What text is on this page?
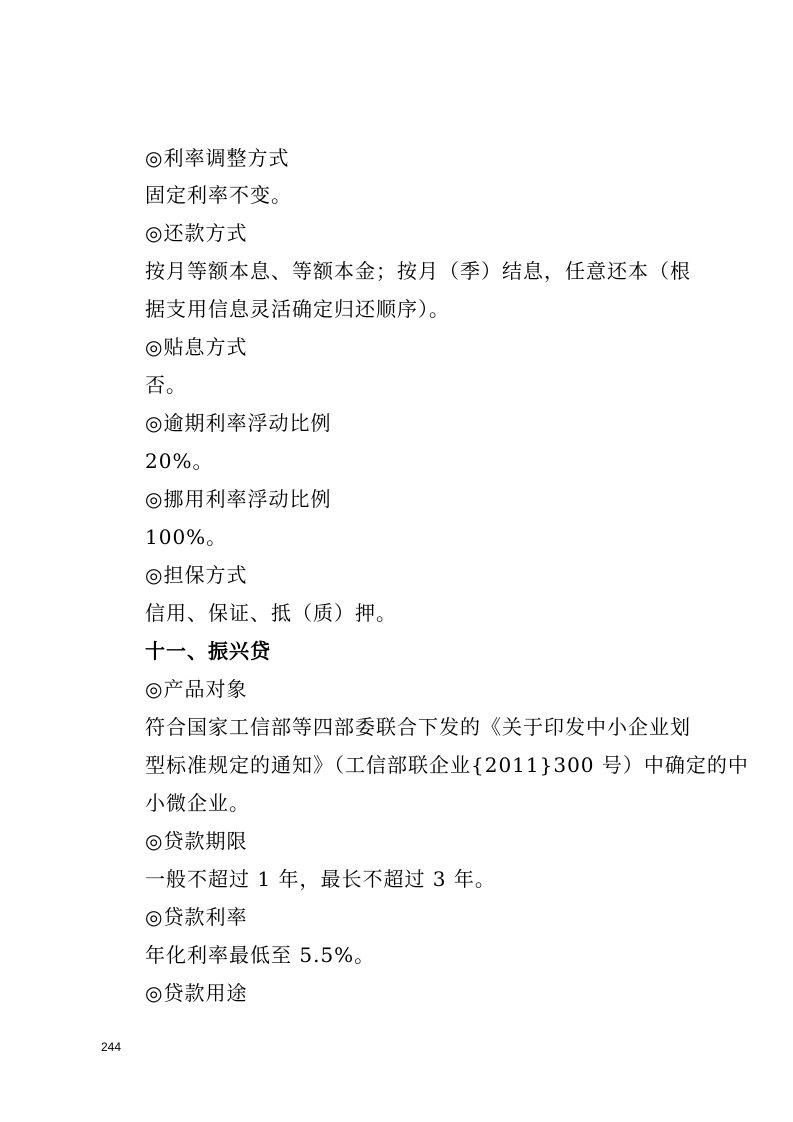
◎利率调整方式
固定利率不变。
◎还款方式
按月等额本息、等额本金；按月（季）结息，任意还本（根
据支用信息灵活确定归还顺序）。
◎贴息方式
否。
◎逾期利率浮动比例
20%。
◎挪用利率浮动比例
100%。
◎担保方式
信用、保证、抵（质）押。
十一、振兴贷
◎产品对象
符合国家工信部等四部委联合下发的《关于印发中小企业划
型标准规定的通知》（工信部联企业{2011}300 号）中确定的中
小微企业。
◎贷款期限
一般不超过 1 年，最长不超过 3 年。
◎贷款利率
年化利率最低至 5.5%。
◎贷款用途
244
